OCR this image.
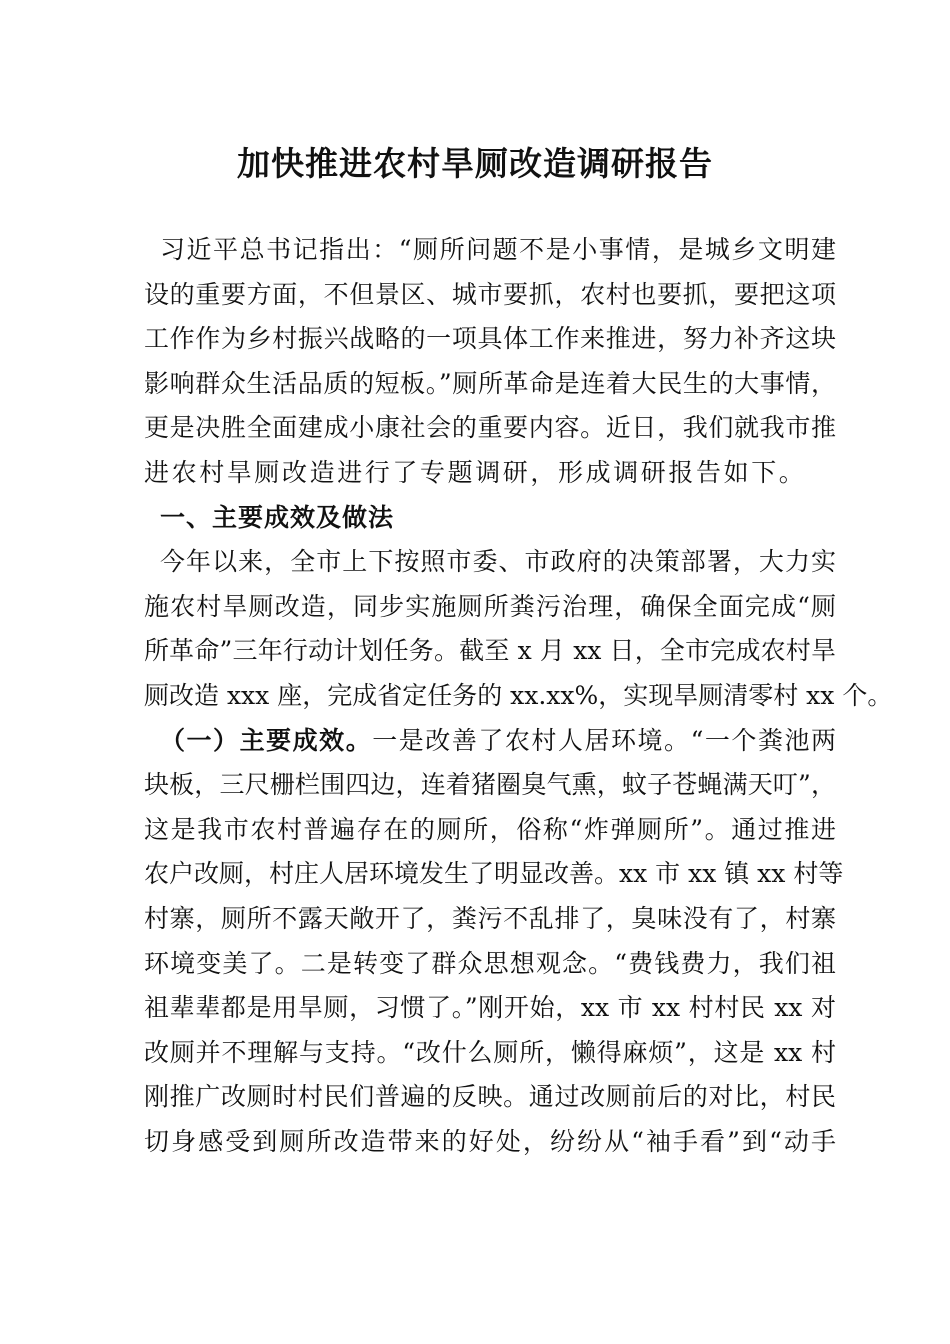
加快推进农村旱厕改造调研报告
习近平总书记指出：“厕所问题不是小事情，是城乡文明建
设的重要方面，不但景区、城市要抓，农村也要抓，要把这项
工作作为乡村振兴战略的一项具体工作来推进，努力补齐这块
影响群众生活品质的短板。”厕所革命是连着大民生的大事情，
更是决胜全面建成小康社会的重要内容。近日，我们就我市推
进农村旱厕改造进行了专题调研，形成调研报告如下。
一、主要成效及做法
今年以来，全市上下按照市委、市政府的决策部署，大力实
施农村旱厕改造，同步实施厕所粪污治理，确保全面完成“厕
所革命”三年行动计划任务。截至 x 月 xx 日，全市完成农村旱
厕改造 xxx 座，完成省定任务的 xx.xx%，实现旱厕清零村 xx 个。
（一）主要成效。一是改善了农村人居环境。“一个粪池两
块板，三尺栅栏围四边，连着猪圈臭气熏，蚊子苍蝇满天叮”，
这是我市农村普遍存在的厕所，俗称“炸弹厕所”。通过推进
农户改厕，村庄人居环境发生了明显改善。xx 市 xx 镇 xx 村等
村寨，厕所不露天敞开了，粪污不乱排了，臭味没有了，村寨
环境变美了。二是转变了群众思想观念。“费钱费力，我们祖
祖辈辈都是用旱厕，习惯了。”刚开始，xx 市 xx 村村民 xx 对
改厕并不理解与支持。“改什么厕所，懒得麻烦”，这是 xx 村
刚推广改厕时村民们普遍的反映。通过改厕前后的对比，村民
切身感受到厕所改造带来的好处，纷纷从“袖手看”到“动手
